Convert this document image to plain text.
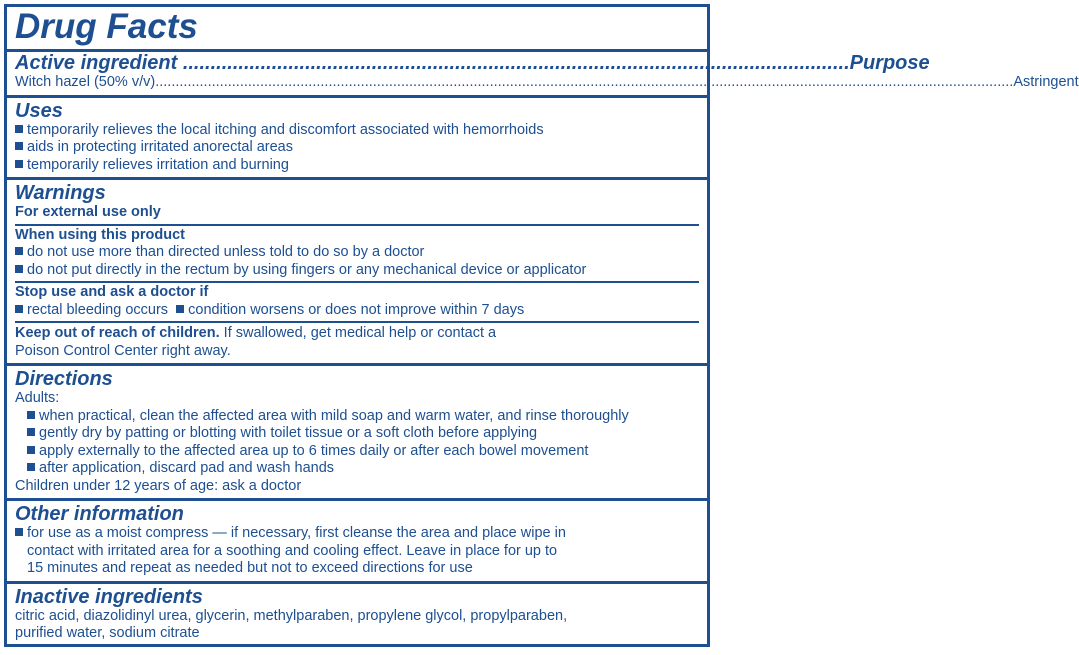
Drug Facts
Active ingredient ........................................................................................................................ Purpose
Witch hazel (50% v/v) ..................................................................................................................................................................................................................... Astringent
Uses
temporarily relieves the local itching and discomfort associated with hemorrhoids
aids in protecting irritated anorectal areas
temporarily relieves irritation and burning
Warnings
For external use only
When using this product
do not use more than directed unless told to do so by a doctor
do not put directly in the rectum by using fingers or any mechanical device or applicator
Stop use and ask a doctor if
rectal bleeding occurs condition worsens or does not improve within 7 days
Keep out of reach of children. If swallowed, get medical help or contact a
Poison Control Center right away.
Directions
Adults:
when practical, clean the affected area with mild soap and warm water, and rinse thoroughly
gently dry by patting or blotting with toilet tissue or a soft cloth before applying
apply externally to the affected area up to 6 times daily or after each bowel movement
after application, discard pad and wash hands
Children under 12 years of age: ask a doctor
Other information
for use as a moist compress — if necessary, first cleanse the area and place wipe in
contact with irritated area for a soothing and cooling effect. Leave in place for up to
15 minutes and repeat as needed but not to exceed directions for use
Inactive ingredients
citric acid, diazolidinyl urea, glycerin, methylparaben, propylene glycol, propylparaben,
purified water, sodium citrate
